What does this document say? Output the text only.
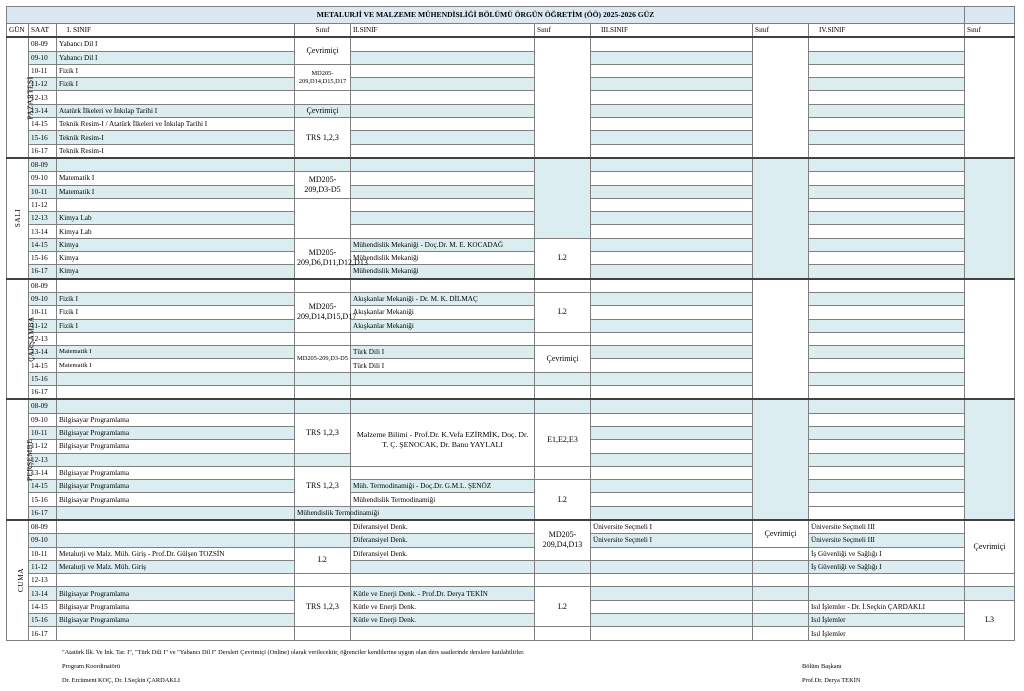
METALURJİ VE MALZEME MÜHENDİSLİĞİ BÖLÜMÜ ÖRGÜN ÖĞRETİM (ÖÖ) 2025-2026 GÜZ									
GÜN	SAAT	I. SINIF	Sınıf	II.SINIF	Sınıf	III.SINIF	Sınıf	IV.SINIF	Sınıf
PAZARTESİ	08-09	Yabancı Dil I	Çevrimiçi						
	09-10	Yabancı Dil I							
	10-11	Fizik I	MD205-209,D14,D15,D17						
	11-12	Fizik I							
	12-13								
	13-14	Atatürk İlkeleri ve İnkılap Tarihi I	Çevrimiçi						
	14-15	Teknik Resim-I / Atatürk İlkeleri ve İnkılap Tarihi I	TRS 1,2,3						
	15-16	Teknik Resim-I							
	16-17	Teknik Resim-I							
SALI	08-09								
	09-10	Matematik I	MD205-209,D3-D5						
	10-11	Matematik I							
	11-12								
	12-13	Kimya Lab							
	13-14	Kimya Lab							
	14-15	Kimya	MD205-209,D6,D11,D12,D13	Mühendislik Mekaniği - Doç.Dr. M. E. KOCADAĞ	L2				
	15-16	Kimya		Mühendislik Mekaniği					
	16-17	Kimya		Mühendislik Mekaniği					
ÇARŞAMBA	08-09								
	09-10	Fizik I	MD205-209,D14,D15,D17	Akışkanlar Mekaniği - Dr. M. K. DİLMAÇ	L2				
	10-11	Fizik I		Akışkanlar Mekaniği					
	11-12	Fizik I		Akışkanlar Mekaniği					
	12-13								
	13-14	Matematik I	MD205-209,D3-D5	Türk Dili I	Çevrimiçi				
	14-15	Matematik I		Türk Dili I					
	15-16								
	16-17								
PERŞEMBE	08-09								
	09-10	Bilgisayar Programlama	TRS 1,2,3	Malzeme Bilimi - Prof.Dr. K.Vefa EZİRMİK, Doç. Dr. T. Ç. ŞENOCAK, Dr. Banu YAYLALI	E1,E2,E3				
	10-11	Bilgisayar Programlama							
	11-12	Bilgisayar Programlama							
	12-13								
	13-14	Bilgisayar Programlama	TRS 1,2,3						
	14-15	Bilgisayar Programlama		Müh. Termodinamiği - Doç.Dr. G.M.L. ŞENÖZ	L2				
	15-16	Bilgisayar Programlama		Mühendislik Termodinamiği					
	16-17		Mühendislik Termodinamiği						
CUMA	08-09			Diferansiyel Denk.	MD205-209,D4,D13	Üniversite Seçmeli I	Çevrimiçi	Üniversite Seçmeli III	Çevrimiçi
	09-10			Diferansiyel Denk.		Üniversite Seçmeli I		Üniversite Seçmeli III	
	10-11	Metalurji ve Malz. Müh. Giriş - Prof.Dr. Gülşen TOZSİN	L2	Diferansiyel Denk.				İş Güvenliği ve Sağlığı I	
	11-12	Metalurji ve Malz. Müh. Giriş						İş Güvenliği ve Sağlığı I	
	12-13								
	13-14	Bilgisayar Programlama	TRS 1,2,3	Kütle ve Enerji Denk. - Prof.Dr. Derya TEKİN	L2				
	14-15	Bilgisayar Programlama		Kütle ve Enerji Denk.				Isıl İşlemler - Dr. İ.Seçkin ÇARDAKLI	L3
	15-16	Bilgisayar Programlama		Kütle ve Enerji Denk.				Isıl İşlemler	
	16-17							Isıl İşlemler	
"Atatürk İlk. Ve İnk. Tar. I", "Türk Dili I" ve "Yabancı Dil I" Dersleri Çevrimiçi (Online) olarak verilecektir, öğrenciler kendilerine uygun olan ders saatlerinde derslere katılabilirler.
Program Koordinatörü
Dr. Ercüment KOÇ, Dr. İ.Seçkin ÇARDAKLI
Bölüm Başkanı
Prof.Dr. Derya TEKİN
